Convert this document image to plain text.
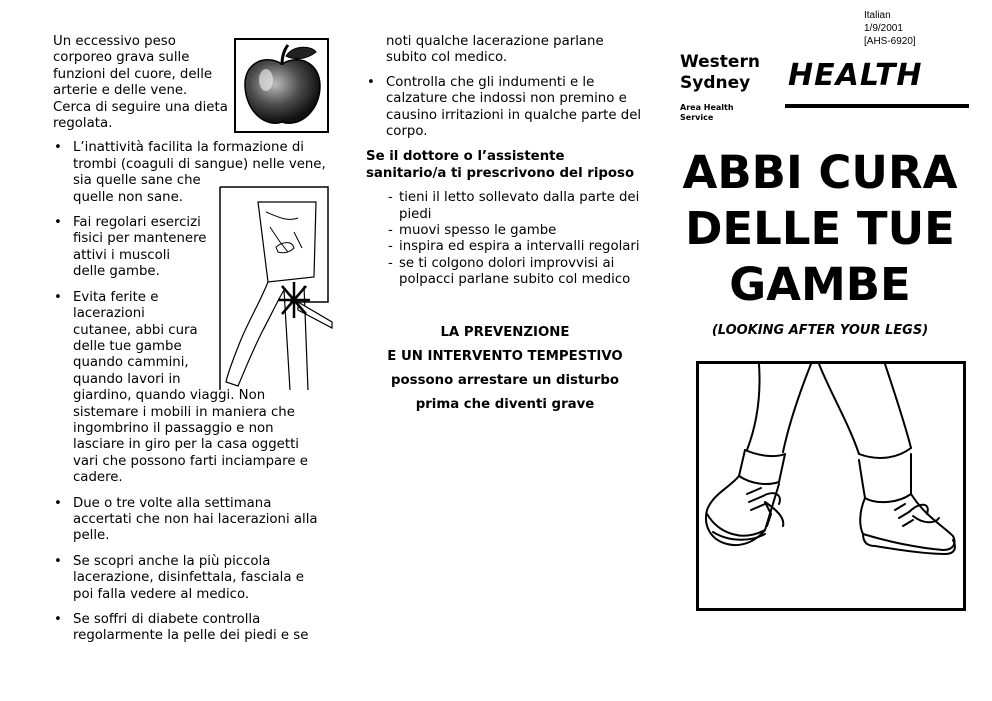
Un eccessivo peso corporeo grava sulle funzioni del cuore, delle arterie e delle vene. Cerca di seguire una dieta regolata.

• L’inattività facilita la formazione di trombi (coaguli di sangue) nelle vene,
sia quelle sane che
quelle non sane.
• Fai regolari esercizi
fisici per mantenere
attivi i muscoli
delle gambe.
• Evita ferite e
lacerazioni
cutanee, abbi cura
delle tue gambe
quando cammini,
quando lavori in
giardino, quando viaggi. Non sistemare i mobili in maniera che ingombrino il passaggio e non lasciare in giro per la casa oggetti vari che possono farti inciampare e cadere.
• Due o tre volte alla settimana accertati che non hai lacerazioni alla pelle.
• Se scopri anche la più piccola lacerazione, disinfettala, fasciala e poi falla vedere al medico.
• Se soffri di diabete controlla regolarmente la pelle dei piedi e se

noti qualche lacerazione parlane subito col medico.

• Controlla che gli indumenti e le calzature che indossi non premino e causino irritazioni in qualche parte del corpo.

Se il dottore o l’assistente sanitario/a ti prescrivono del riposo

- tieni il letto sollevato dalla parte dei piedi
- muovi spesso le gambe
- inspira ed espira a intervalli regolari
- se ti colgono dolori improvvisi ai polpacci parlane subito col medico
LA PREVENZIONE
E UN INTERVENTO TEMPESTIVO
possono arrestare un disturbo
prima che diventi grave
Italian
1/9/2001
[AHS-6920]
Western
Sydney
Area Health
Service
HEALTH
ABBI CURA
DELLE TUE
GAMBE
(LOOKING AFTER YOUR LEGS)
